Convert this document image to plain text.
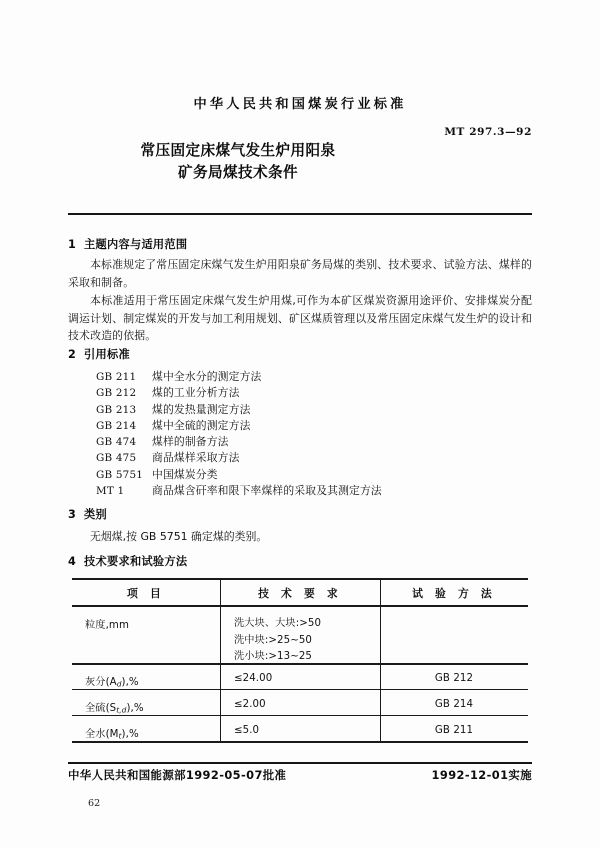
中华人民共和国煤炭行业标准
MT 297.3—92
常压固定床煤气发生炉用阳泉
矿务局煤技术条件
1 主题内容与适用范围
本标准规定了常压固定床煤气发生炉用阳泉矿务局煤的类别、技术要求、试验方法、煤样的采取和制备。
本标准适用于常压固定床煤气发生炉用煤,可作为本矿区煤炭资源用途评价、安排煤炭分配调运计划、制定煤炭的开发与加工利用规划、矿区煤质管理以及常压固定床煤气发生炉的设计和技术改造的依据。
2 引用标准
GB 211 煤中全水分的测定方法
GB 212 煤的工业分析方法
GB 213 煤的发热量测定方法
GB 214 煤中全硫的测定方法
GB 474 煤样的制备方法
GB 475 商品煤样采取方法
GB 5751 中国煤炭分类
MT 1	商品煤含矸率和限下率煤样的采取及其测定方法
3 类别
无烟煤,按 GB 5751 确定煤的类别。
4 技术要求和试验方法
项 目	技 术 要 求	试 验 方 法

粒度,mm	洗大块、大块:>50
洗中块:>25~50
洗小块:>13~25	

灰分$(A_d),\%$	≤24.00	GB 212

全硫$(S_{t,d}),\%$	≤2.00	GB 214

全水$(M_t),\%$	≤5.0	GB 211
中华人民共和国能源部1992-05-07批准	1992-12-01实施
62
